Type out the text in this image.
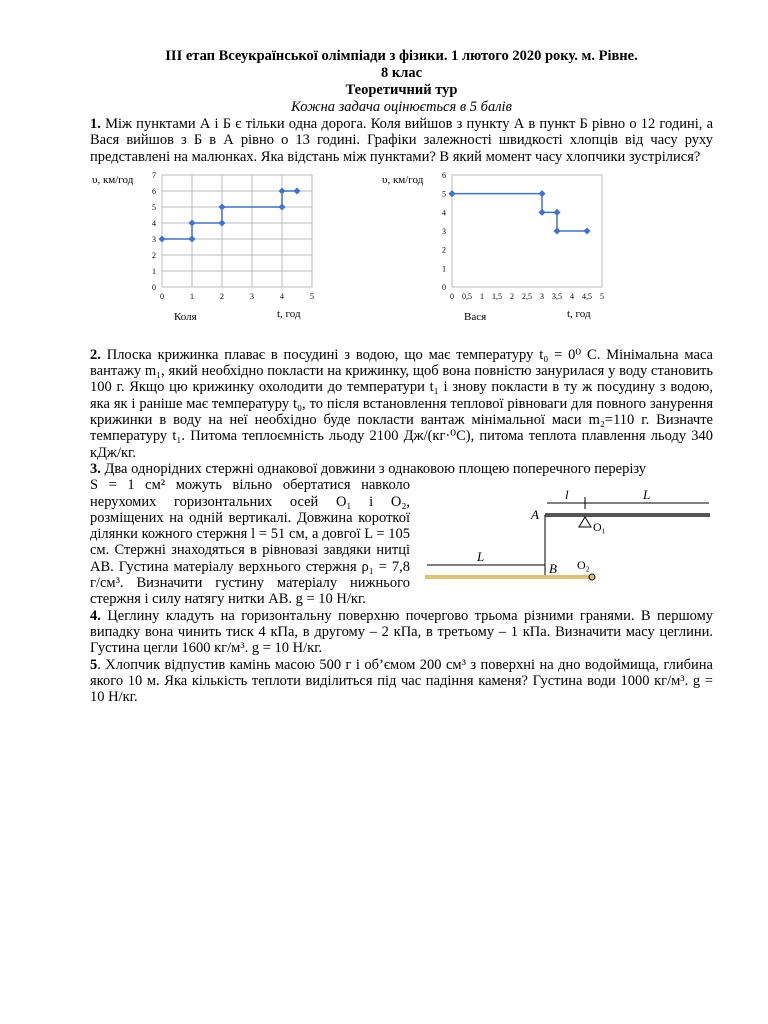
ІІІ етап Всеукраїнської олімпіади з фізики. 1 лютого 2020 року. м. Рівне.
8 клас
Теоретичний тур
Кожна задача оцінюється в 5 балів

1. Між пунктами А і Б є тільки одна дорога. Коля вийшов з пункту А в пункт Б рівно о 12 годині, а Вася вийшов з Б в А рівно о 13 годині. Графіки залежності швидкості хлопців від часу руху представлені на малюнках. Яка відстань між пунктами? В який момент часу хлопчики зустрілися?

0
1
2
3
4
5
6
7
0	1	2	3	4	5
υ, км/год
t, год
Коля
0
1
2
3
4
5
6
0 0,5 1 1,5 2 2,5 3 3,5 4 4,5 5
υ, км/год
t, год
Вася

2. Плоска крижинка плаває в посудині з водою, що має температуру t₀ = 0⁰ С. Мінімальна маса вантажу m₁, який необхідно покласти на крижинку, щоб вона повністю занурилася у воду становить 100 г. Якщо цю крижинку охолодити до температури t₁ і знову покласти в ту ж посудину з водою, яка як і раніше має температуру t₀, то після встановлення теплової рівноваги для повного занурення крижинки в воду на неї необхідно буде покласти вантаж мінімальної маси m₂=110 г. Визначте температуру t₁. Питома теплоємність льоду 2100 Дж/(кг·⁰С), питома теплота плавлення льоду 340 кДж/кг.

3. Два однорідних стержні однакової довжини з однаковою площею поперечного перерізу

S = 1 см² можуть вільно обертатися навколо нерухомих горизонтальних осей О₁ і О₂, розміщених на одній вертикалі. Довжина короткої ділянки кожного стержня l = 51 см, а довгої L = 105 см. Стержні знаходяться в рівновазі завдяки нитці АВ. Густина матеріалу верхнього стержня ρ₁ = 7,8 г/см³. Визначити густину матеріалу нижнього стержня і силу натягу нитки АВ. g = 10 Н/кг.

l	L
A
O₁
L
B O₂

4. Цеглину кладуть на горизонтальну поверхню почергово трьома різними гранями. В першому випадку вона чинить тиск 4 кПа, в другому – 2 кПа, в третьому – 1 кПа. Визначити масу цеглини. Густина цегли 1600 кг/м³. g = 10 Н/кг.

5. Хлопчик відпустив камінь масою 500 г і об’ємом 200 см³ з поверхні на дно водоймища, глибина якого 10 м. Яка кількість теплоти виділиться під час падіння каменя? Густина води 1000 кг/м³. g = 10 Н/кг.
